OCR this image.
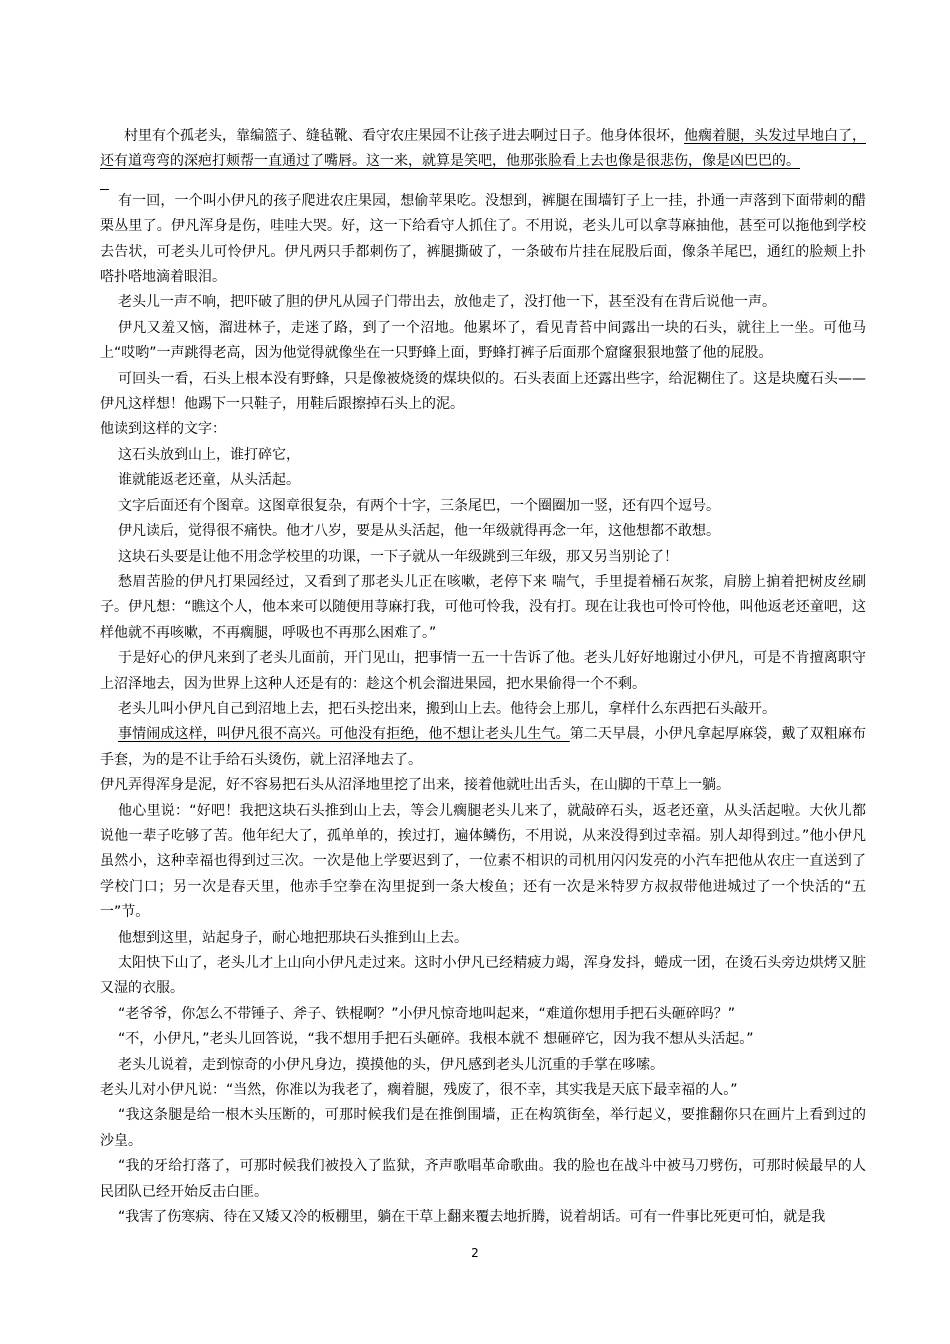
村里有个孤老头，靠编篮子、缝毡靴、看守农庄果园不让孩子进去啊过日子。他身体很坏，他瘸着腿，头发过早地白了，还有道弯弯的深疤打颊帮一直通过了嘴唇。这一来，就算是笑吧，他那张脸看上去也像是很悲伤，像是凶巴巴的。

有一回，一个叫小伊凡的孩子爬进农庄果园，想偷苹果吃。没想到，裤腿在围墙钉子上一挂，扑通一声落到下面带刺的醋栗丛里了。伊凡浑身是伤，哇哇大哭。好，这一下给看守人抓住了。不用说，老头儿可以拿荨麻抽他，甚至可以拖他到学校去告状，可老头儿可怜伊凡。伊凡两只手都刺伤了，裤腿撕破了，一条破布片挂在屁股后面，像条羊尾巴，通红的脸颊上扑嗒扑嗒地滴着眼泪。

老头儿一声不响，把吓破了胆的伊凡从园子门带出去，放他走了，没打他一下，甚至没有在背后说他一声。

伊凡又羞又恼，溜进林子，走迷了路，到了一个沼地。他累坏了，看见青苔中间露出一块的石头，就往上一坐。可他马上“哎哟”一声跳得老高，因为他觉得就像坐在一只野蜂上面，野蜂打裤子后面那个窟窿狠狠地螫了他的屁股。

可回头一看，石头上根本没有野蜂，只是像被烧烫的煤块似的。石头表面上还露出些字，给泥糊住了。这是块魔石头——伊凡这样想！他踢下一只鞋子，用鞋后跟擦掉石头上的泥。

他读到这样的文字：

这石头放到山上，谁打碎它，

谁就能返老还童，从头活起。

文字后面还有个图章。这图章很复杂，有两个十字，三条尾巴，一个圈圈加一竖，还有四个逗号。

伊凡读后，觉得很不痛快。他才八岁，要是从头活起，他一年级就得再念一年，这他想都不敢想。

这块石头要是让他不用念学校里的功课，一下子就从一年级跳到三年级，那又另当别论了！

愁眉苦脸的伊凡打果园经过，又看到了那老头儿正在咳嗽，老停下来 喘气，手里提着桶石灰浆，肩膀上掮着把树皮丝刷子。伊凡想：“瞧这个人，他本来可以随便用荨麻打我，可他可怜我，没有打。现在让我也可怜可怜他，叫他返老还童吧，这样他就不再咳嗽，不再瘸腿，呼吸也不再那么困难了。”

于是好心的伊凡来到了老头儿面前，开门见山，把事情一五一十告诉了他。老头儿好好地谢过小伊凡，可是不肯擅离职守上沼泽地去，因为世界上这种人还是有的：趁这个机会溜进果园，把水果偷得一个不剩。

老头儿叫小伊凡自己到沼地上去，把石头挖出来，搬到山上去。他待会上那儿，拿样什么东西把石头敲开。

事情闹成这样，叫伊凡很不高兴。可他没有拒绝，他不想让老头儿生气。第二天早晨，小伊凡拿起厚麻袋，戴了双粗麻布手套，为的是不让手给石头烫伤，就上沼泽地去了。

伊凡弄得浑身是泥，好不容易把石头从沼泽地里挖了出来，接着他就吐出舌头，在山脚的干草上一躺。

他心里说：“好吧！我把这块石头推到山上去，等会儿瘸腿老头儿来了，就敲碎石头，返老还童，从头活起啦。大伙儿都说他一辈子吃够了苦。他年纪大了，孤单单的，挨过打，遍体鳞伤，不用说，从来没得到过幸福。别人却得到过。”他小伊凡虽然小，这种幸福也得到过三次。一次是他上学要迟到了，一位素不相识的司机用闪闪发亮的小汽车把他从农庄一直送到了学校门口；另一次是春天里，他赤手空拳在沟里捉到一条大梭鱼；还有一次是米特罗方叔叔带他进城过了一个快活的“五一”节。

他想到这里，站起身子，耐心地把那块石头推到山上去。

太阳快下山了，老头儿才上山向小伊凡走过来。这时小伊凡已经精疲力竭，浑身发抖，蜷成一团，在烫石头旁边烘烤又脏又湿的衣服。

“老爷爷，你怎么不带锤子、斧子、铁棍啊？”小伊凡惊奇地叫起来，“难道你想用手把石头砸碎吗？”

“不，小伊凡，”老头儿回答说，“我不想用手把石头砸碎。我根本就不 想砸碎它，因为我不想从头活起。”

老头儿说着，走到惊奇的小伊凡身边，摸摸他的头，伊凡感到老头儿沉重的手掌在哆嗦。

老头儿对小伊凡说：“当然，你准以为我老了，瘸着腿，残废了，很不幸，其实我是天底下最幸福的人。”

“我这条腿是给一根木头压断的，可那时候我们是在推倒围墙，正在构筑街垒，举行起义，要推翻你只在画片上看到过的沙皇。

“我的牙给打落了，可那时候我们被投入了监狱，齐声歌唱革命歌曲。我的脸也在战斗中被马刀劈伤，可那时候最早的人民团队已经开始反击白匪。

“我害了伤寒病、待在又矮又冷的板棚里，躺在干草上翻来覆去地折腾，说着胡话。可有一件事比死更可怕，就是我

2
